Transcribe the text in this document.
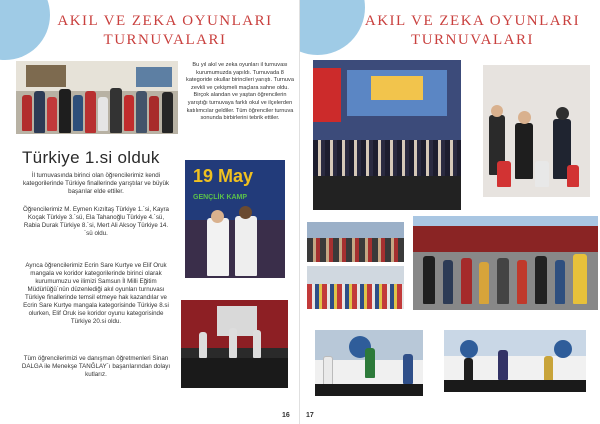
AKIL VE ZEKA OYUNLARI
TURNUVALARI
Bu yıl akıl ve zeka oyunları il turnuvası kurumumuzda yapıldı. Turnuvada 8 kategoride okullar birincileri yarıştı. Turnuva zevkli ve çekişmeli maçlara sahne oldu. Birçok alandan ve yaştan öğrencilerin yarıştığı turnuvaya farklı okul ve ilçelerden katılımcılar geldiler. Tüm öğrenciler turnuva sonunda birbirlerini tebrik ettiler.
Türkiye 1.si olduk
İl turnuvasında birinci olan öğrencilerimiz kendi kategorilerinde Türkiye finallerinde yarıştılar ve büyük başarılar elde ettiler.
Öğrencilerimiz M. Eymen Kızıltaş Türkiye 1.´si, Kayra Koçak Türkiye 3.´sü, Ela Tahanoğlu Türkiye 4.´sü, Rabia Durak Türkiye 8.´si, Mert Ali Aksoy Türkiye 14.´sü oldu.
Ayrıca öğrencilerimiz Ecrin Sare Kurtye ve Elif Oruk mangala ve koridor kategorilerinde birinci olarak kurumumuzu ve ilimizi Samsun İl Milli Eğitim Müdürlüğü´nün düzenlediği akıl oyunları turnuvası Türkiye finallerinde temsil etmeye hak kazandılar ve Ecrin Sare Kurtye mangala kategorisinde Türkiye 8.si olurken, Elif Oruk ise koridor oyunu kategorisinde Türkiye 20.si oldu.
Tüm öğrencilerimizi ve danışman öğretmenleri Sinan DALGA ile Menekşe TANĞLAY´ı başarılarından dolayı kutlarız.
19 May
GENÇLİK KAMP
16
AKIL VE ZEKA OYUNLARI
TURNUVALARI
17
